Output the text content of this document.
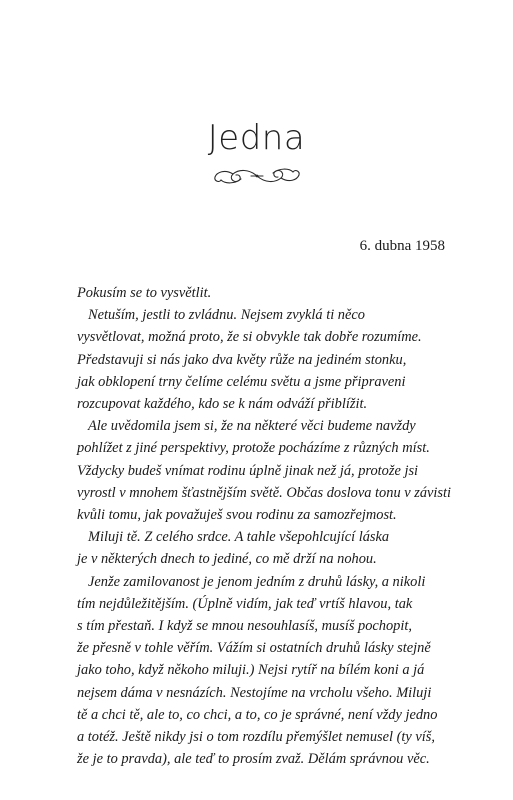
Jedna
6. dubna 1958
Pokusím se to vysvětlit.
Netuším, jestli to zvládnu. Nejsem zvyklá ti něco
vysvětlovat, možná proto, že si obvykle tak dobře rozumíme.
Představuji si nás jako dva květy růže na jediném stonku,
jak obklopení trny čelíme celému světu a jsme připraveni
rozcupovat každého, kdo se k nám odváží přiblížit.
Ale uvědomila jsem si, že na některé věci budeme navždy
pohlížet z jiné perspektivy, protože pocházíme z různých míst.
Vždycky budeš vnímat rodinu úplně jinak než já, protože jsi
vyrostl v mnohem šťastnějším světě. Občas doslova tonu v závisti
kvůli tomu, jak považuješ svou rodinu za samozřejmost.
Miluji tě. Z celého srdce. A tahle všepohlcující láska
je v některých dnech to jediné, co mě drží na nohou.
Jenže zamilovanost je jenom jedním z druhů lásky, a nikoli
tím nejdůležitějším. (Úplně vidím, jak teď vrtíš hlavou, tak
s tím přestaň. I když se mnou nesouhlasíš, musíš pochopit,
že přesně v tohle věřím. Vážím si ostatních druhů lásky stejně
jako toho, když někoho miluji.) Nejsi rytíř na bílém koni a já
nejsem dáma v nesnázích. Nestojíme na vrcholu všeho. Miluji
tě a chci tě, ale to, co chci, a to, co je správné, není vždy jedno
a totéž. Ještě nikdy jsi o tom rozdílu přemýšlet nemusel (ty víš,
že je to pravda), ale teď to prosím zvaž. Dělám správnou věc.
